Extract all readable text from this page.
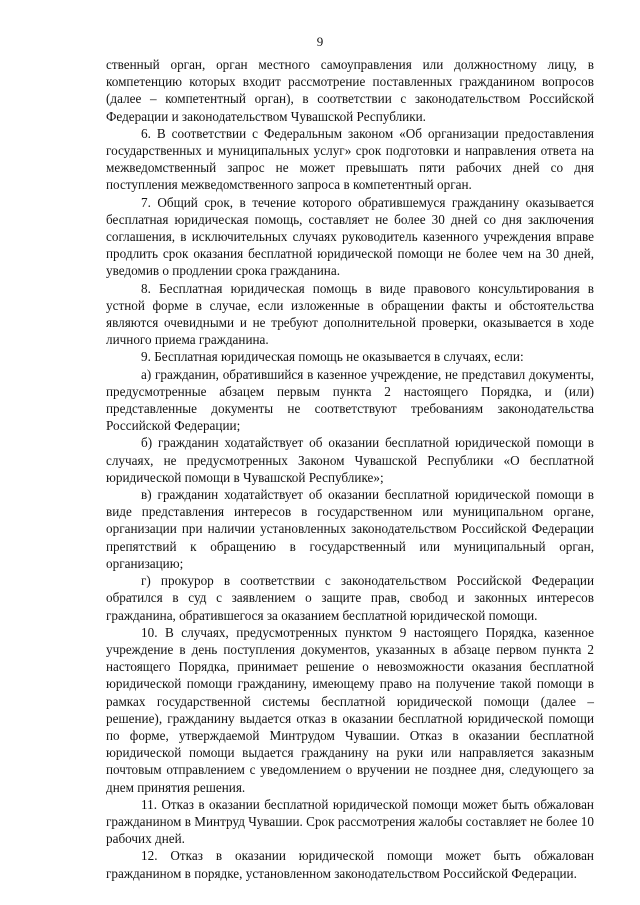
9

ственный орган, орган местного самоуправления или должностному лицу, в компетенцию которых входит рассмотрение поставленных гражданином вопросов (далее – компетентный орган), в соответствии с законодательством Российской Федерации и законодательством Чувашской Республики.

6. В соответствии с Федеральным законом «Об организации предоставления государственных и муниципальных услуг» срок подготовки и направления ответа на межведомственный запрос не может превышать пяти рабочих дней со дня поступления межведомственного запроса в компетентный орган.

7. Общий срок, в течение которого обратившемуся гражданину оказывается бесплатная юридическая помощь, составляет не более 30 дней со дня заключения соглашения, в исключительных случаях руководитель казенного учреждения вправе продлить срок оказания бесплатной юридической помощи не более чем на 30 дней, уведомив о продлении срока гражданина.

8. Бесплатная юридическая помощь в виде правового консультирования в устной форме в случае, если изложенные в обращении факты и обстоятельства являются очевидными и не требуют дополнительной проверки, оказывается в ходе личного приема гражданина.

9. Бесплатная юридическая помощь не оказывается в случаях, если:

а) гражданин, обратившийся в казенное учреждение, не представил документы, предусмотренные абзацем первым пункта 2 настоящего Порядка, и (или) представленные документы не соответствуют требованиям законодательства Российской Федерации;

б) гражданин ходатайствует об оказании бесплатной юридической помощи в случаях, не предусмотренных Законом Чувашской Республики «О бесплатной юридической помощи в Чувашской Республике»;

в) гражданин ходатайствует об оказании бесплатной юридической помощи в виде представления интересов в государственном или муниципальном органе, организации при наличии установленных законодательством Российской Федерации препятствий к обращению в государственный или муниципальный орган, организацию;

г) прокурор в соответствии с законодательством Российской Федерации обратился в суд с заявлением о защите прав, свобод и законных интересов гражданина, обратившегося за оказанием бесплатной юридической помощи.

10. В случаях, предусмотренных пунктом 9 настоящего Порядка, казенное учреждение в день поступления документов, указанных в абзаце первом пункта 2 настоящего Порядка, принимает решение о невозможности оказания бесплатной юридической помощи гражданину, имеющему право на получение такой помощи в рамках государственной системы бесплатной юридической помощи (далее – решение), гражданину выдается отказ в оказании бесплатной юридической помощи по форме, утверждаемой Минтрудом Чувашии. Отказ в оказании бесплатной юридической помощи выдается гражданину на руки или направляется заказным почтовым отправлением с уведомлением о вручении не позднее дня, следующего за днем принятия решения.

11. Отказ в оказании бесплатной юридической помощи может быть обжалован гражданином в Минтруд Чувашии. Срок рассмотрения жалобы составляет не более 10 рабочих дней.

12. Отказ в оказании юридической помощи может быть обжалован гражданином в порядке, установленном законодательством Российской Федерации.
